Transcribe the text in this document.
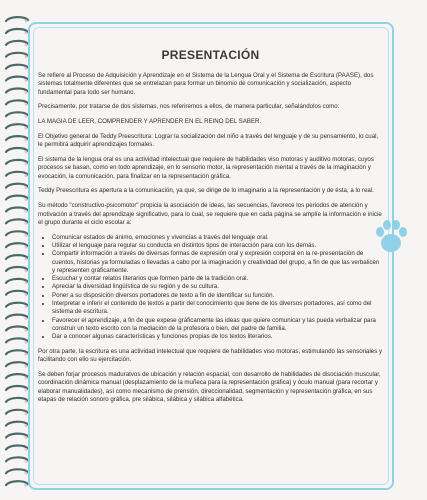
PRESENTACIÓN

Se refiere al Proceso de Adquisición y Aprendizaje en el Sistema de la Lengua Oral y el Sistema de Escritura (PAASE), dos sistemas totalmente diferentes que se entrelazan para formar un binomio de comunicación y socialización, aspecto fundamental para todo ser humano.

Precisamente, por tratarse de dos sistemas, nos referiremos a ellos, de manera particular, señalándolos como:

LA MAGIA DE LEER, COMPRENDER Y APRENDER EN EL REINO DEL SABER.

El Objetivo general de Teddy Preescritura: Lograr la socialización del niño a través del lenguaje y de su pensamiento, lo cual, le permitirá adquirir aprendizajes formales.

El sistema de la lengua oral es una actividad intelectual que requiere de habilidades viso motoras y auditivo motoras, cuyos procesos se basan, como en todo aprendizaje, en lo sensorio motor, la representación mental a través de la imaginación y evocación, la comunicación, para finalizar en la representación gráfica.

Teddy Preescritura es apertura a la comunicación, ya que, se dirige de lo imaginario a la representación y de ésta, a lo real.

Su método "constructivo-psicomotor" propicia la asociación de ideas, las secuencias, favorece los periodos de atención y motivación a través del aprendizaje significativo, para lo cual, se requiere que en cada página se amplíe la información e inicie el grupo durante el ciclo escolar a:

• Comunicar estados de ánimo, emociones y vivencias a través del lenguaje oral.
• Utilizar el lenguaje para regular su conducta en distintos tipos de interacción para con los demás.
• Compartir información a través de diversas formas de expresión oral y expresión corporal en la re-presentación de cuentos, historias ya formuladas o llevadas a cabo por la imaginación y creatividad del grupo, a fin de que las verbalicen y representen gráficamente.
• Escuchar y contar relatos literarios que formen parte de la tradición oral.
• Apreciar la diversidad lingüística de su región y de su cultura.
• Poner a su disposición diversos portadores de texto a fin de identificar su función.
• Interpretar e inferir el contenido de textos a partir del conocimiento que tiene de los diversos portadores, así como del sistema de escritura.
• Favorecer el aprendizaje, a fin de que expese gráficamente las ideas que quiere comunicar y las pueda verbalizar para construir un texto escrito con la mediación de la profesora o bien, del padre de familia.
• Dar a conocer algunas características y funciones propias de los textos literarios.

Por otra parte, la escritura es una actividad intelectual que requiere de habilidades viso motoras, estimulando las sensoriales y facilitando con ello su ejercitación.

Se deben forjar procesos maduratvos de ubicación y relación espacial, con desarrollo de habilidades de disociación muscular, coordinación dinámica manual (desplazamiento de la muñeca para la representación gráfica) y óculo manual (para recortar y elaborar manualidades), así como mecanismo de prensión, direccionalidad, segmentación y representación gráfica, en sus etapas de relación sonoro gráfica, pre silábica, silábica y silábica alfabética.
